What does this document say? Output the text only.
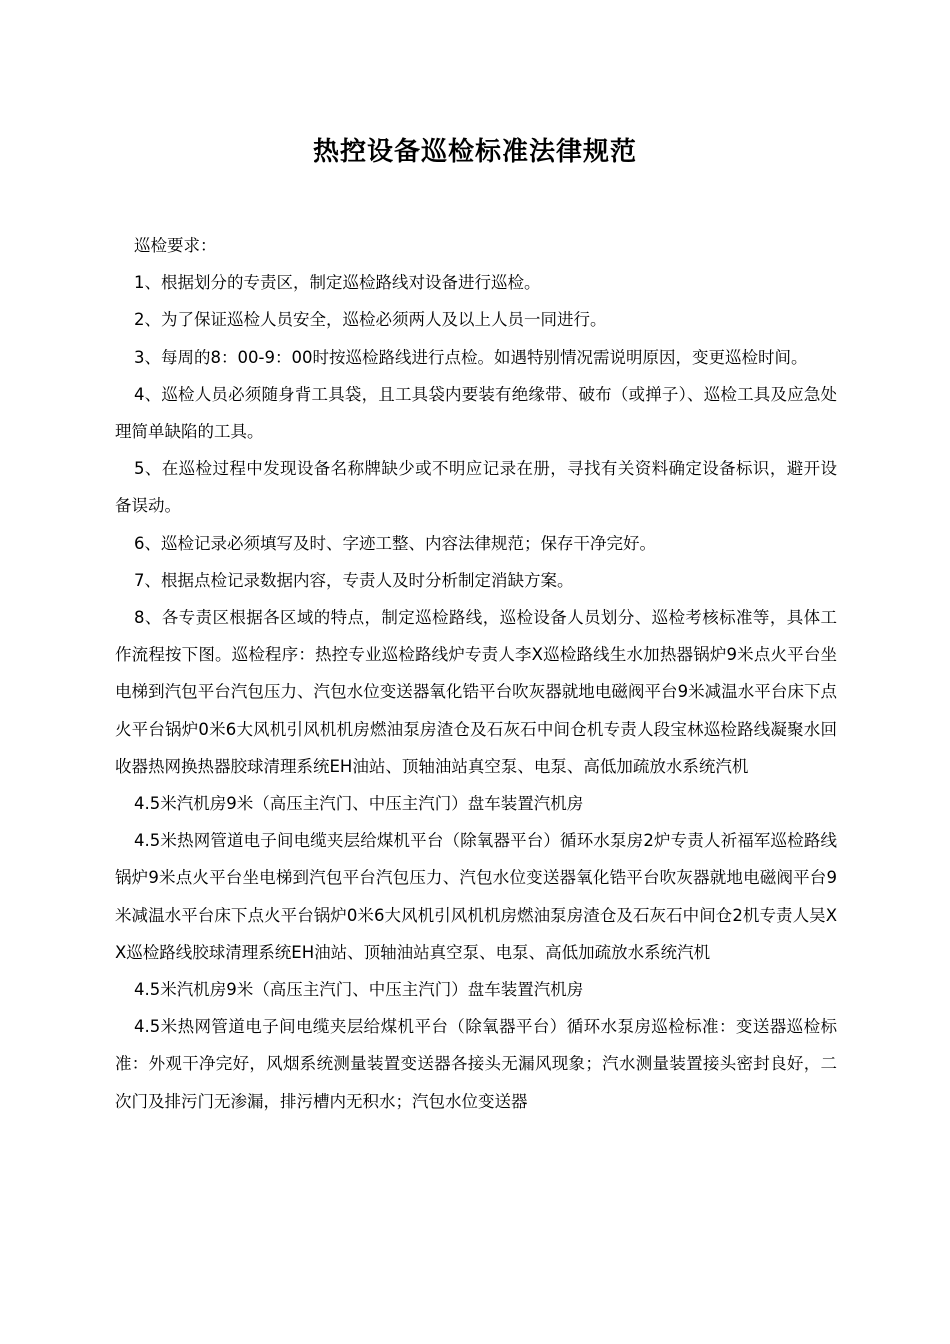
热控设备巡检标准法律规范

巡检要求：

1、根据划分的专责区，制定巡检路线对设备进行巡检。

2、为了保证巡检人员安全，巡检必须两人及以上人员一同进行。

3、每周的8：00-9：00时按巡检路线进行点检。如遇特别情况需说明原因，变更巡检时间。

4、巡检人员必须随身背工具袋，且工具袋内要装有绝缘带、破布（或掸子）、巡检工具及应急处理简单缺陷的工具。

5、在巡检过程中发现设备名称牌缺少或不明应记录在册，寻找有关资料确定设备标识，避开设备误动。

6、巡检记录必须填写及时、字迹工整、内容法律规范；保存干净完好。

7、根据点检记录数据内容，专责人及时分析制定消缺方案。

8、各专责区根据各区域的特点，制定巡检路线，巡检设备人员划分、巡检考核标准等，具体工作流程按下图。巡检程序：热控专业巡检路线炉专责人李X巡检路线生水加热器锅炉9米点火平台坐电梯到汽包平台汽包压力、汽包水位变送器氧化锆平台吹灰器就地电磁阀平台9米减温水平台床下点火平台锅炉0米6大风机引风机机房燃油泵房渣仓及石灰石中间仓机专责人段宝林巡检路线凝聚水回收器热网换热器胶球清理系统EH油站、顶轴油站真空泵、电泵、高低加疏放水系统汽机

4.5米汽机房9米（高压主汽门、中压主汽门）盘车装置汽机房

4.5米热网管道电子间电缆夹层给煤机平台（除氧器平台）循环水泵房2炉专责人祈福军巡检路线锅炉9米点火平台坐电梯到汽包平台汽包压力、汽包水位变送器氧化锆平台吹灰器就地电磁阀平台9米减温水平台床下点火平台锅炉0米6大风机引风机机房燃油泵房渣仓及石灰石中间仓2机专责人吴XX巡检路线胶球清理系统EH油站、顶轴油站真空泵、电泵、高低加疏放水系统汽机

4.5米汽机房9米（高压主汽门、中压主汽门）盘车装置汽机房

4.5米热网管道电子间电缆夹层给煤机平台（除氧器平台）循环水泵房巡检标准：变送器巡检标准：外观干净完好，风烟系统测量装置变送器各接头无漏风现象；汽水测量装置接头密封良好，二次门及排污门无渗漏，排污槽内无积水；汽包水位变送器
